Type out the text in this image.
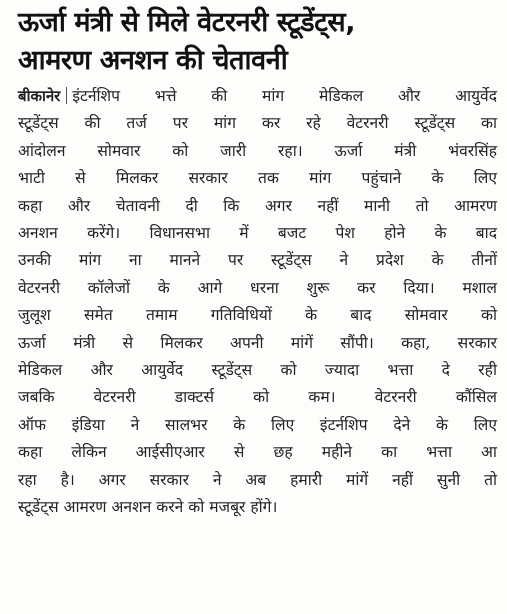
ऊर्जा मंत्री से मिले वेटरनरी स्टूडेंट्स,
आमरण अनशन की चेतावनी
बीकानेर इंटर्नशिप भत्ते की मांग मेडिकल और आयुर्वेद
स्टूडेंट्स की तर्ज पर मांग कर रहे वेटरनरी स्टूडेंट्स का
आंदोलन सोमवार को जारी रहा। ऊर्जा मंत्री भंवरसिंह
भाटी से मिलकर सरकार तक मांग पहुंचाने के लिए
कहा और चेतावनी दी कि अगर नहीं मानी तो आमरण
अनशन करेंगे। विधानसभा में बजट पेश होने के बाद
उनकी मांग ना मानने पर स्टूडेंट्स ने प्रदेश के तीनों
वेटरनरी कॉलेजों के आगे धरना शुरू कर दिया। मशाल
जुलूश समेत तमाम गतिविधियों के बाद सोमवार को
ऊर्जा मंत्री से मिलकर अपनी मांगें सौंपी। कहा, सरकार
मेडिकल और आयुर्वेद स्टूडेंट्स को ज्यादा भत्ता दे रही
जबकि वेटरनरी डाक्टर्स को कम। वेटरनरी कौंसिल
ऑफ इंडिया ने सालभर के लिए इंटर्नशिप देने के लिए
कहा लेकिन आईसीएआर से छह महीने का भत्ता आ
रहा है। अगर सरकार ने अब हमारी मांगें नहीं सुनी तो
स्टूडेंट्स आमरण अनशन करने को मजबूर होंगे।
